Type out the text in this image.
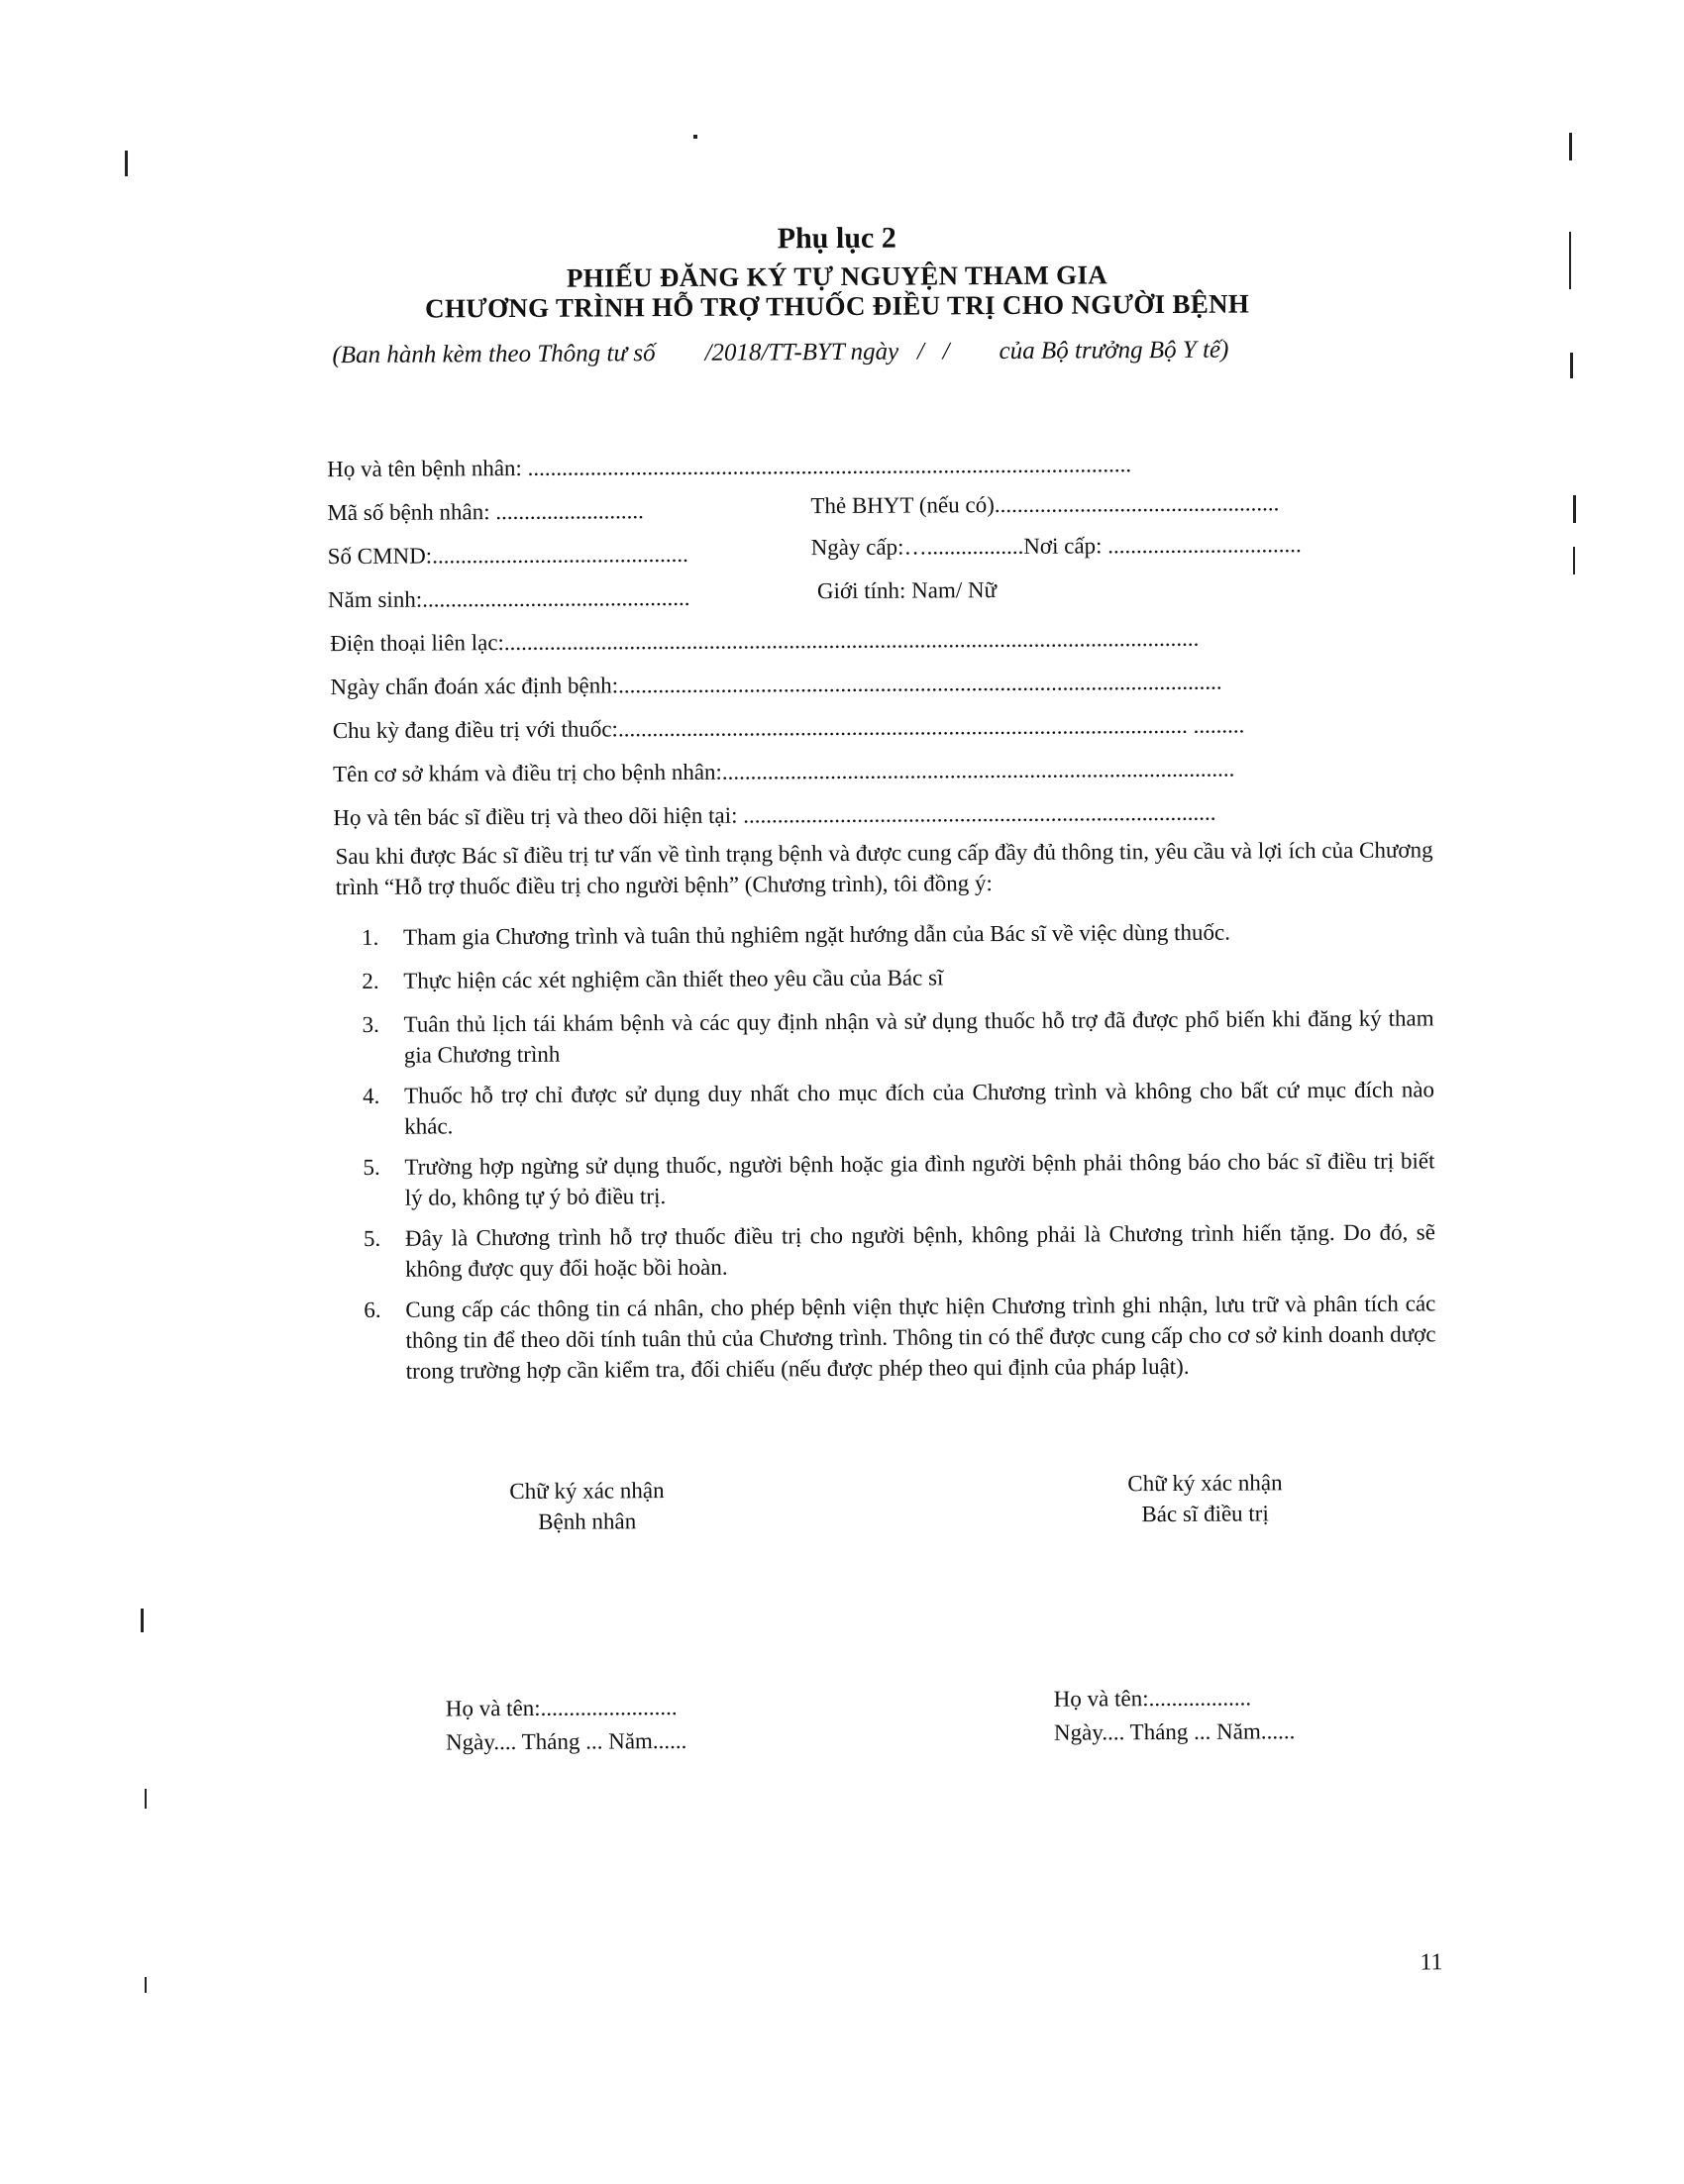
Phụ lục 2
PHIẾU ĐĂNG KÝ TỰ NGUYỆN THAM GIA
CHƯƠNG TRÌNH HỖ TRỢ THUỐC ĐIỀU TRỊ CHO NGƯỜI BỆNH
(Ban hành kèm theo Thông tư số        /2018/TT-BYT ngày   /   /        của Bộ trưởng Bộ Y tế)
Họ và tên bệnh nhân: ..........................................................................................................
Mã số bệnh nhân: ..........................	Thẻ BHYT (nếu có)..................................................
Số CMND:.............................................	Ngày cấp:….................Nơi cấp: ..................................
Năm sinh:...............................................	Giới tính: Nam/ Nữ
Điện thoại liên lạc:..........................................................................................................................
Ngày chẩn đoán xác định bệnh:..........................................................................................................
Chu kỳ đang điều trị với thuốc:.................................................................................................... .........
Tên cơ sở khám và điều trị cho bệnh nhân:..........................................................................................
Họ và tên bác sĩ điều trị và theo dõi hiện tại: ...................................................................................
Sau khi được Bác sĩ điều trị tư vấn về tình trạng bệnh và được cung cấp đầy đủ thông tin, yêu cầu và lợi ích của Chương trình “Hỗ trợ thuốc điều trị cho người bệnh” (Chương trình), tôi đồng ý:
1.	Tham gia Chương trình và tuân thủ nghiêm ngặt hướng dẫn của Bác sĩ về việc dùng thuốc.
2.	Thực hiện các xét nghiệm cần thiết theo yêu cầu của Bác sĩ
3.	Tuân thủ lịch tái khám bệnh và các quy định nhận và sử dụng thuốc hỗ trợ đã được phổ biến khi đăng ký tham gia Chương trình
4.	Thuốc hỗ trợ chỉ được sử dụng duy nhất cho mục đích của Chương trình và không cho bất cứ mục đích nào khác.
5.	Trường hợp ngừng sử dụng thuốc, người bệnh hoặc gia đình người bệnh phải thông báo cho bác sĩ điều trị biết lý do, không tự ý bỏ điều trị.
5.	Đây là Chương trình hỗ trợ thuốc điều trị cho người bệnh, không phải là Chương trình hiến tặng. Do đó, sẽ không được quy đổi hoặc bồi hoàn.
6.	Cung cấp các thông tin cá nhân, cho phép bệnh viện thực hiện Chương trình ghi nhận, lưu trữ và phân tích các thông tin để theo dõi tính tuân thủ của Chương trình. Thông tin có thể được cung cấp cho cơ sở kinh doanh dược trong trường hợp cần kiểm tra, đối chiếu (nếu được phép theo qui định của pháp luật).
Chữ ký xác nhận
Bệnh nhân
Chữ ký xác nhận
Bác sĩ điều trị
Họ và tên:........................
Ngày.... Tháng ... Năm......
Họ và tên:..................
Ngày.... Tháng ... Năm......
11
